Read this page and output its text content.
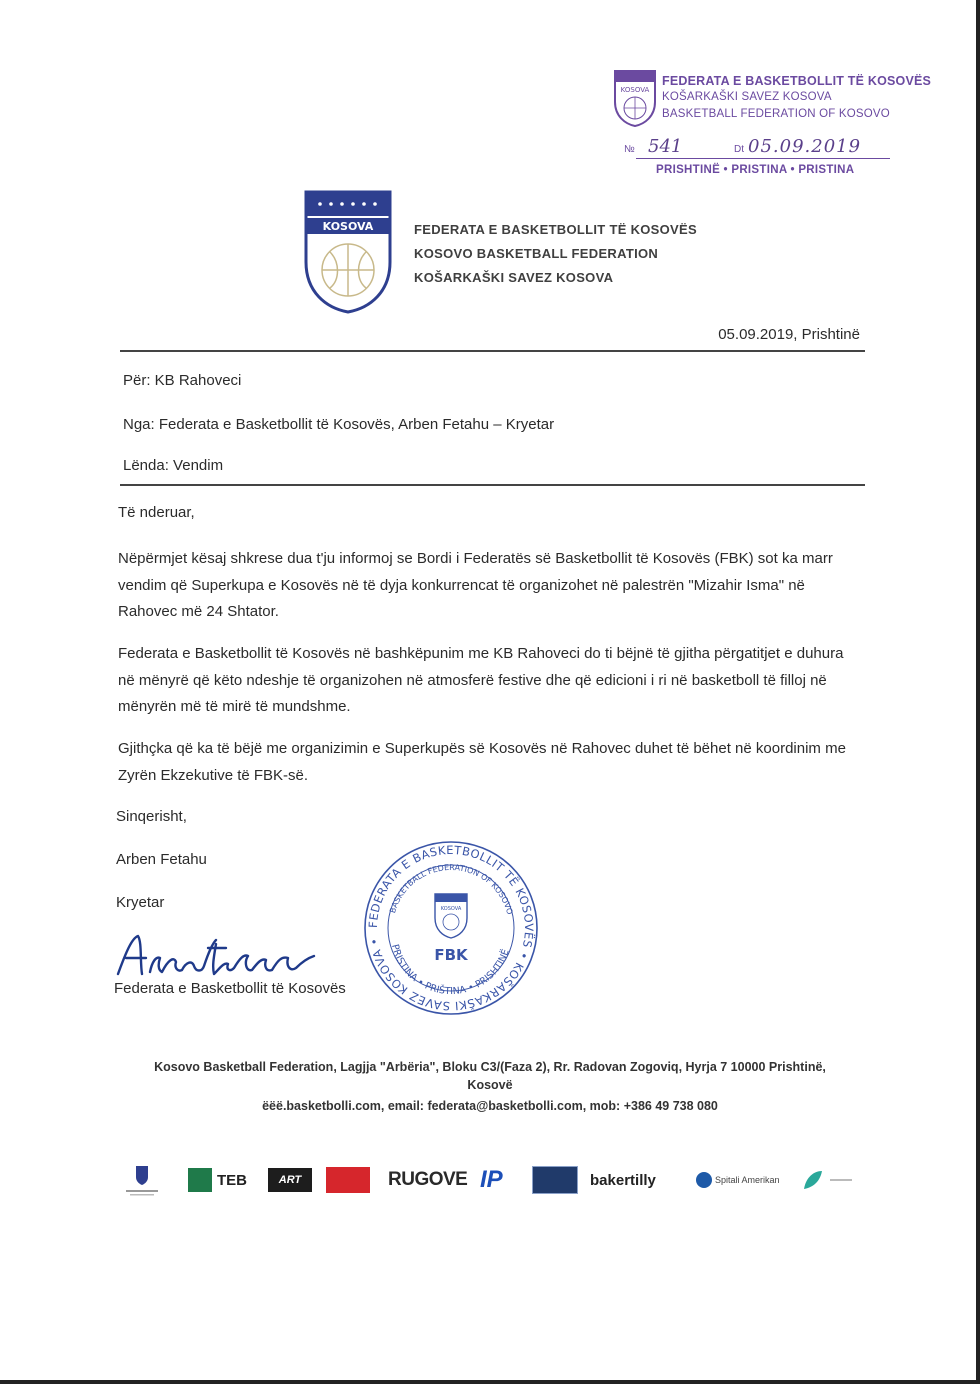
KOSOVA
FEDERATA E BASKETBOLLIT TË KOSOVËS
KOŠARKAŠKI SAVEZ KOSOVA
BASKETBALL FEDERATION OF KOSOVO
№ 541	Dt 05.09.2019
PRISHTINË • PRISTINA • PRISTINA
KOSOVA	FEDERATA E BASKETBOLLIT TË KOSOVËS
KOSOVO BASKETBALL FEDERATION
KOŠARKAŠKI SAVEZ KOSOVA
05.09.2019, Prishtinë
Për: KB Rahoveci
Nga: Federata e Basketbollit të Kosovës, Arben Fetahu – Kryetar
Lënda: Vendim
Të nderuar,
Nëpërmjet kësaj shkrese dua t'ju informoj se Bordi i Federatës së Basketbollit të Kosovës (FBK) sot ka marr vendim që Superkupa e Kosovës në të dyja konkurrencat të organizohet në palestrën "Mizahir Isma" në Rahovec më 24 Shtator.
Federata e Basketbollit të Kosovës në bashkëpunim me KB Rahoveci do ti bëjnë të gjitha përgatitjet e duhura në mënyrë që këto ndeshje të organizohen në atmosferë festive dhe që edicioni i ri në basketboll të filloj në mënyrën më të mirë të mundshme.
Gjithçka që ka të bëjë me organizimin e Superkupës së Kosovës në Rahovec duhet të bëhet në koordinim me Zyrën Ekzekutive të FBK-së.
Sinqerisht,
Arben Fetahu
Kryetar
Federata e Basketbollit të Kosovës
FEDERATA E BASKETBOLLIT TË KOSOVËS • KOŠARKAŠKI SAVEZ KOSOVA •
BASKETBALL FEDERATION OF KOSOVO
PRISTINA • PRIŠTINA • PRISHTINË
KOSOVA
FBK
Kosovo Basketball Federation, Lagjja "Arbëria", Bloku C3/(Faza 2), Rr. Radovan Zogoviq, Hyrja 7 10000 Prishtinë,
Kosovë
ëëë.basketbolli.com, email: federata@basketbolli.com, mob: +386 49 738 080
TEB	ART	RUGOVE IP	bakertilly	Spitali Amerikan
